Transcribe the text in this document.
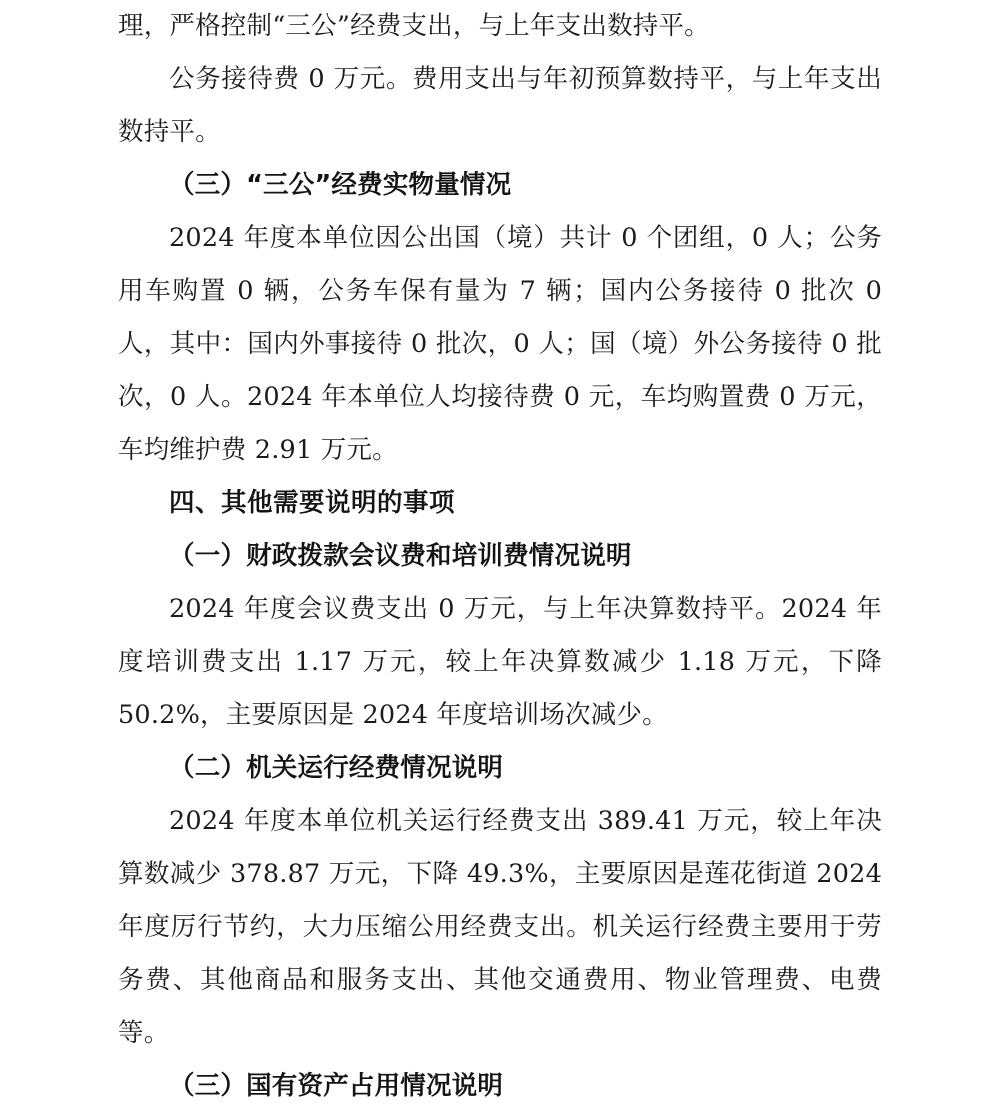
理，严格控制“三公”经费支出，与上年支出数持平。

公务接待费 0 万元。费用支出与年初预算数持平，与上年支出数持平。

（三）“三公”经费实物量情况

2024 年度本单位因公出国（境）共计 0 个团组，0 人；公务用车购置 0 辆，公务车保有量为 7 辆；国内公务接待 0 批次 0 人，其中：国内外事接待 0 批次，0 人；国（境）外公务接待 0 批次，0 人。2024 年本单位人均接待费 0 元，车均购置费 0 万元，车均维护费 2.91 万元。

四、其他需要说明的事项

（一）财政拨款会议费和培训费情况说明

2024 年度会议费支出 0 万元，与上年决算数持平。2024 年度培训费支出 1.17 万元，较上年决算数减少 1.18 万元，下降 50.2%，主要原因是 2024 年度培训场次减少。

（二）机关运行经费情况说明

2024 年度本单位机关运行经费支出 389.41 万元，较上年决算数减少 378.87 万元，下降 49.3%，主要原因是莲花街道 2024 年度厉行节约，大力压缩公用经费支出。机关运行经费主要用于劳务费、其他商品和服务支出、其他交通费用、物业管理费、电费等。

（三）国有资产占用情况说明
